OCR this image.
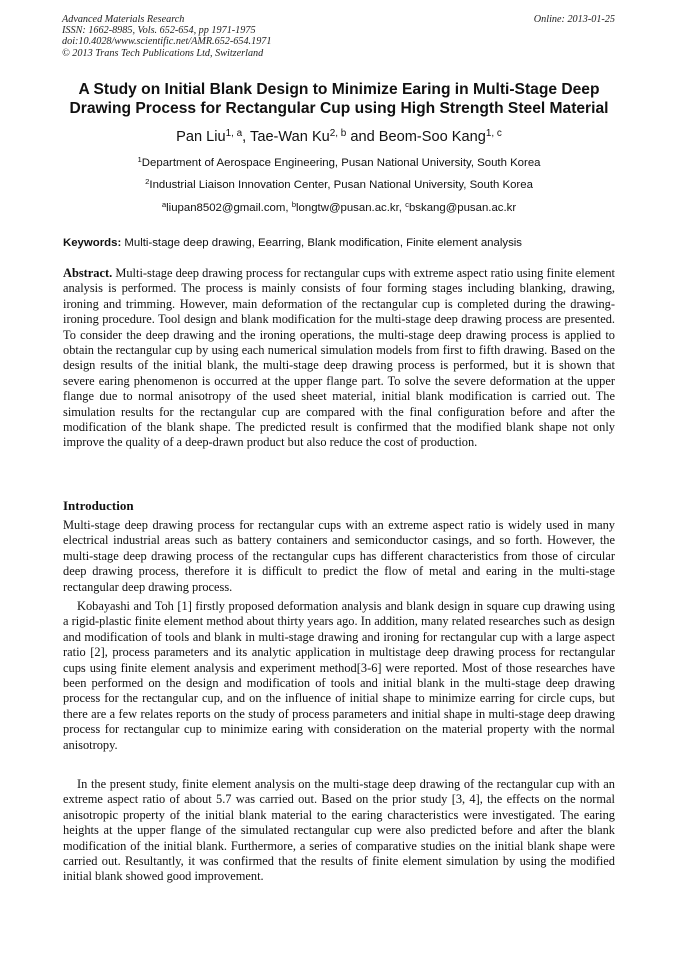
Advanced Materials Research
ISSN: 1662-8985, Vols. 652-654, pp 1971-1975
doi:10.4028/www.scientific.net/AMR.652-654.1971
© 2013 Trans Tech Publications Ltd, Switzerland
Online: 2013-01-25
A Study on Initial Blank Design to Minimize Earing in Multi-Stage Deep
Drawing Process for Rectangular Cup using High Strength Steel Material
Pan Liu$^{1, a}$, Tae-Wan Ku$^{2, b}$ and Beom-Soo Kang$^{1, c}$
$^1$Department of Aerospace Engineering, Pusan National University, South Korea
$^2$Industrial Liaison Innovation Center, Pusan National University, South Korea
$^a$liupan8502@gmail.com, $^b$longtw@pusan.ac.kr, $^c$bskang@pusan.ac.kr
Keywords: Multi-stage deep drawing, Eearring, Blank modification, Finite element analysis
Abstract. Multi-stage deep drawing process for rectangular cups with extreme aspect ratio using finite element analysis is performed. The process is mainly consists of four forming stages including blanking, drawing, ironing and trimming. However, main deformation of the rectangular cup is completed during the drawing-ironing procedure. Tool design and blank modification for the multi-stage deep drawing process are presented. To consider the deep drawing and the ironing operations, the multi-stage deep drawing process is applied to obtain the rectangular cup by using each numerical simulation models from first to fifth drawing. Based on the design results of the initial blank, the multi-stage deep drawing process is performed, but it is shown that severe earing phenomenon is occurred at the upper flange part. To solve the severe deformation at the upper flange due to normal anisotropy of the used sheet material, initial blank modification is carried out. The simulation results for the rectangular cup are compared with the final configuration before and after the modification of the blank shape. The predicted result is confirmed that the modified blank shape not only improve the quality of a deep-drawn product but also reduce the cost of production.
Introduction
Multi-stage deep drawing process for rectangular cups with an extreme aspect ratio is widely used in many electrical industrial areas such as battery containers and semiconductor casings, and so forth. However, the multi-stage deep drawing process of the rectangular cups has different characteristics from those of circular deep drawing process, therefore it is difficult to predict the flow of metal and earing in the multi-stage rectangular deep drawing process.
Kobayashi and Toh [1] firstly proposed deformation analysis and blank design in square cup drawing using a rigid-plastic finite element method about thirty years ago. In addition, many related researches such as design and modification of tools and blank in multi-stage drawing and ironing for rectangular cup with a large aspect ratio [2], process parameters and its analytic application in multistage deep drawing process for rectangular cups using finite element analysis and experiment method[3-6] were reported. Most of those researches have been performed on the design and modification of tools and initial blank in the multi-stage deep drawing process for the rectangular cup, and on the influence of initial shape to minimize earring for circle cups, but there are a few relates reports on the study of process parameters and initial shape in multi-stage deep drawing process for rectangular cup to minimize earing with consideration on the material property with the normal anisotropy.
In the present study, finite element analysis on the multi-stage deep drawing of the rectangular cup with an extreme aspect ratio of about 5.7 was carried out. Based on the prior study [3, 4], the effects on the normal anisotropic property of the initial blank material to the earing characteristics were investigated. The earing heights at the upper flange of the simulated rectangular cup were also predicted before and after the blank modification of the initial blank. Furthermore, a series of comparative studies on the initial blank shape were carried out. Resultantly, it was confirmed that the results of finite element simulation by using the modified initial blank showed good improvement.
